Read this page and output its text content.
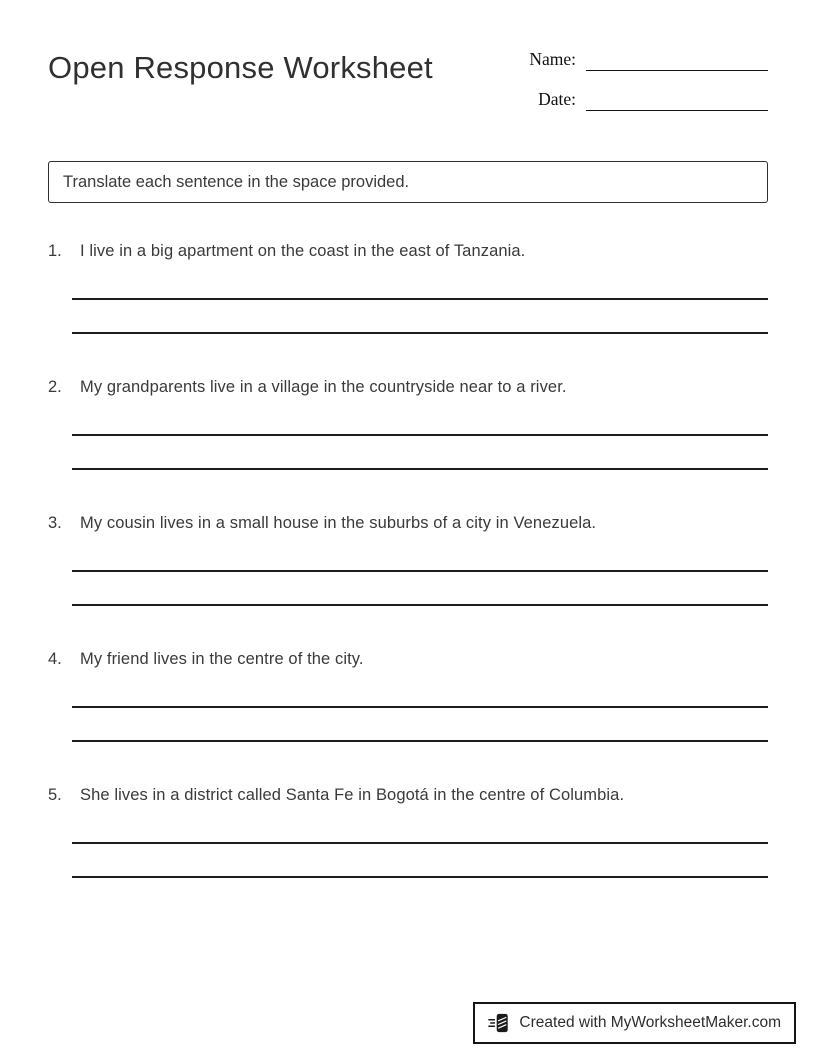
Open Response Worksheet	Name:
Date:
Translate each sentence in the space provided.
1.	I live in a big apartment on the coast in the east of Tanzania.
2.	My grandparents live in a village in the countryside near to a river.
3.	My cousin lives in a small house in the suburbs of a city in Venezuela.
4.	My friend lives in the centre of the city.
5.	She lives in a district called Santa Fe in Bogotá in the centre of Columbia.
Created with MyWorksheetMaker.com
